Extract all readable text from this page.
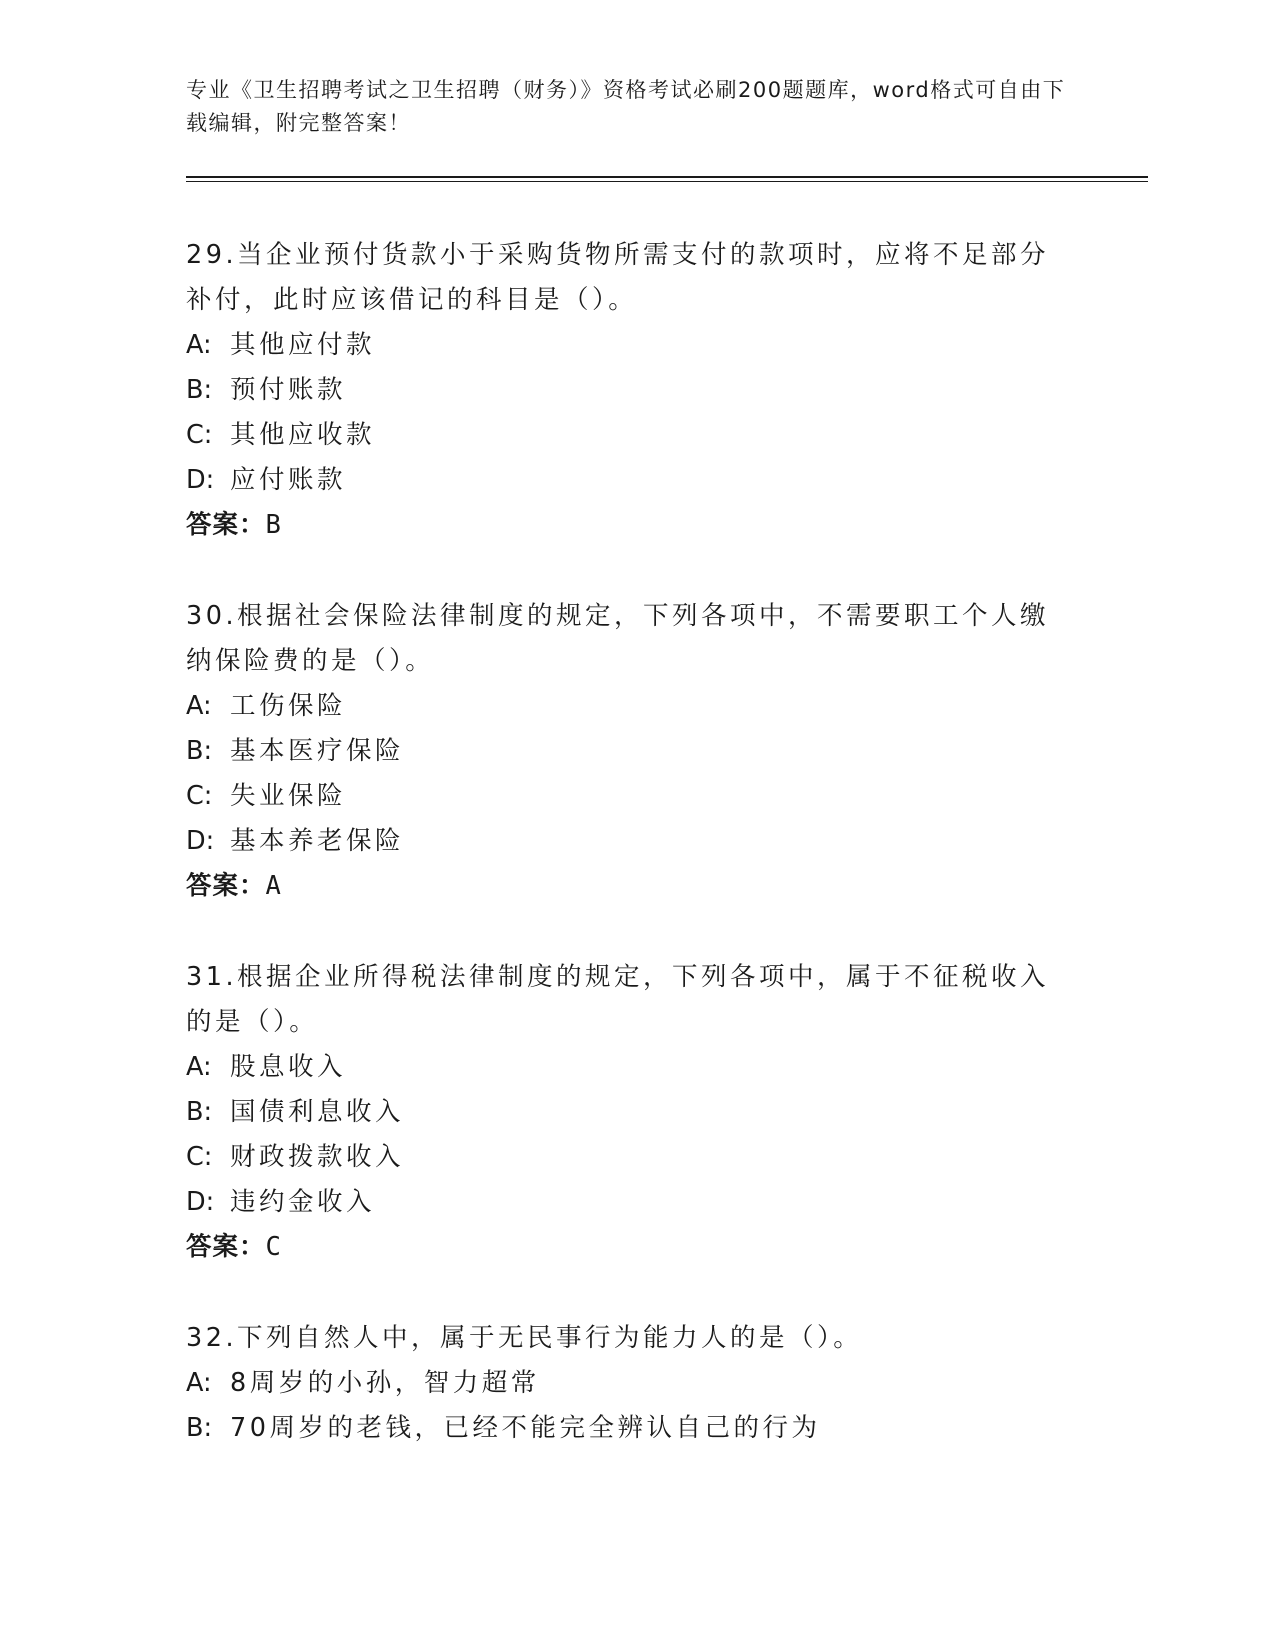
专业《卫生招聘考试之卫生招聘（财务）》资格考试必刷200题题库，word格式可自由下载编辑，附完整答案！
29.当企业预付货款小于采购货物所需支付的款项时，应将不足部分补付，此时应该借记的科目是（）。
A: 其他应付款
B: 预付账款
C: 其他应收款
D: 应付账款
答案：B
30.根据社会保险法律制度的规定，下列各项中，不需要职工个人缴纳保险费的是（）。
A: 工伤保险
B: 基本医疗保险
C: 失业保险
D: 基本养老保险
答案：A
31.根据企业所得税法律制度的规定，下列各项中，属于不征税收入的是（）。
A: 股息收入
B: 国债利息收入
C: 财政拨款收入
D: 违约金收入
答案：C
32.下列自然人中，属于无民事行为能力人的是（）。
A: 8周岁的小孙，智力超常
B: 70周岁的老钱，已经不能完全辨认自己的行为
